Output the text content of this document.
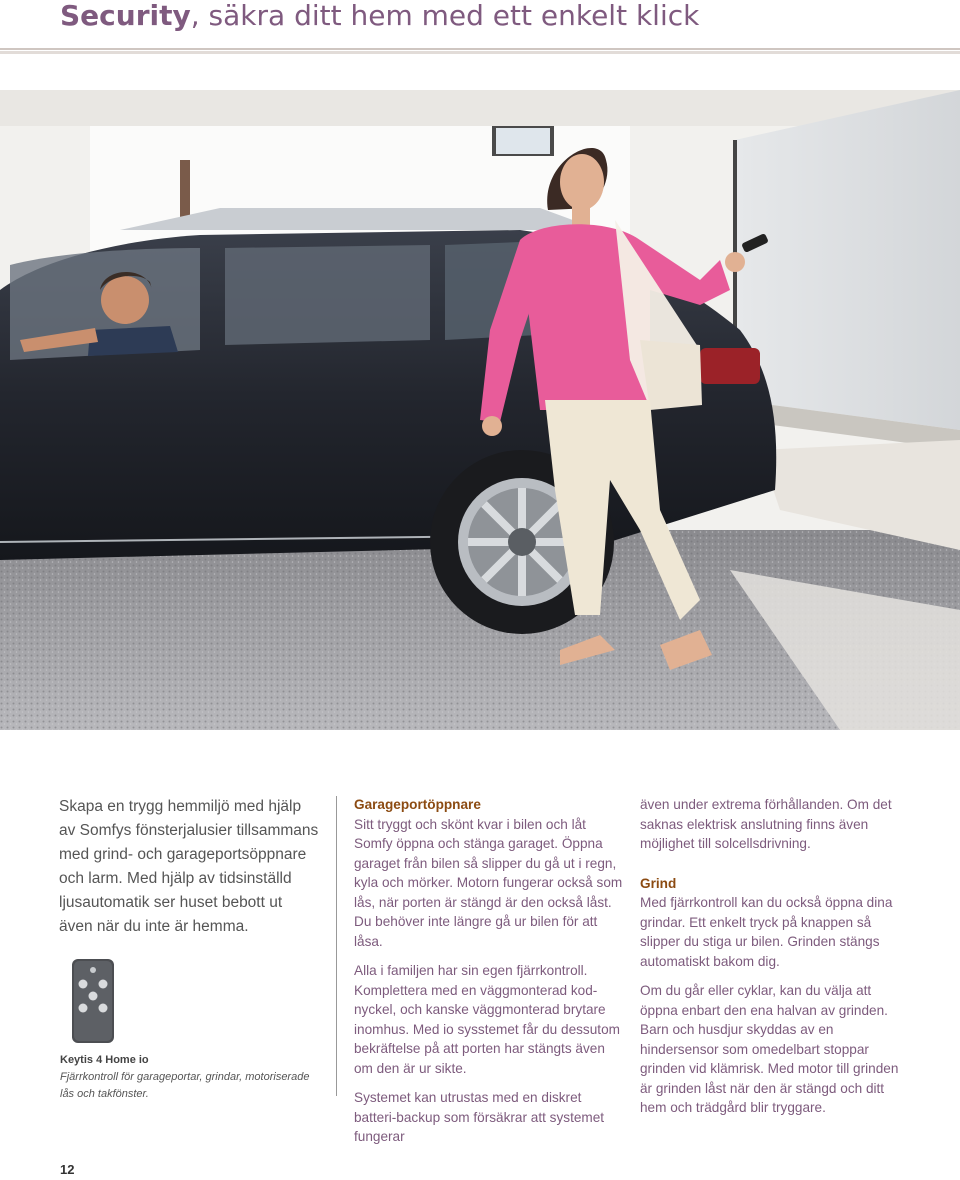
Security, säkra ditt hem med ett enkelt klick
Skapa en trygg hemmiljö med hjälp av Somfys fönsterjalusier tillsammans med grind- och garageportsöppnare och larm. Med hjälp av tidsinställd ljusautomatik ser huset bebott ut även när du inte är hemma.
Keytis 4 Home io
Fjärrkontroll för garageportar, grindar, motoriserade lås och takfönster.
Garageportöppnare

Sitt tryggt och skönt kvar i bilen och låt Somfy öppna och stänga garaget. Öppna garaget från bilen så slipper du gå ut i regn, kyla och mörker. Motorn fungerar också som lås, när porten är stängd är den också låst. Du behöver inte längre gå ur bilen för att låsa.

Alla i familjen har sin egen fjärrkontroll. Komplettera med en väggmonterad kod-nyckel, och kanske väggmonterad brytare inomhus. Med io sysstemet får du dessutom bekräftelse på att porten har stängts även om den är ur sikte.

Systemet kan utrustas med en diskret batteri-backup som försäkrar att systemet fungerar

även under extrema förhållanden. Om det saknas elektrisk anslutning finns även möjlighet till solcellsdrivning.

Grind

Med fjärrkontroll kan du också öppna dina grindar. Ett enkelt tryck på knappen så slipper du stiga ur bilen. Grinden stängs automatiskt bakom dig.

Om du går eller cyklar, kan du välja att öppna enbart den ena halvan av grinden. Barn och husdjur skyddas av en hindersensor som omedelbart stoppar grinden vid klämrisk. Med motor till grinden är grinden låst när den är stängd och ditt hem och trädgård blir tryggare.

12
